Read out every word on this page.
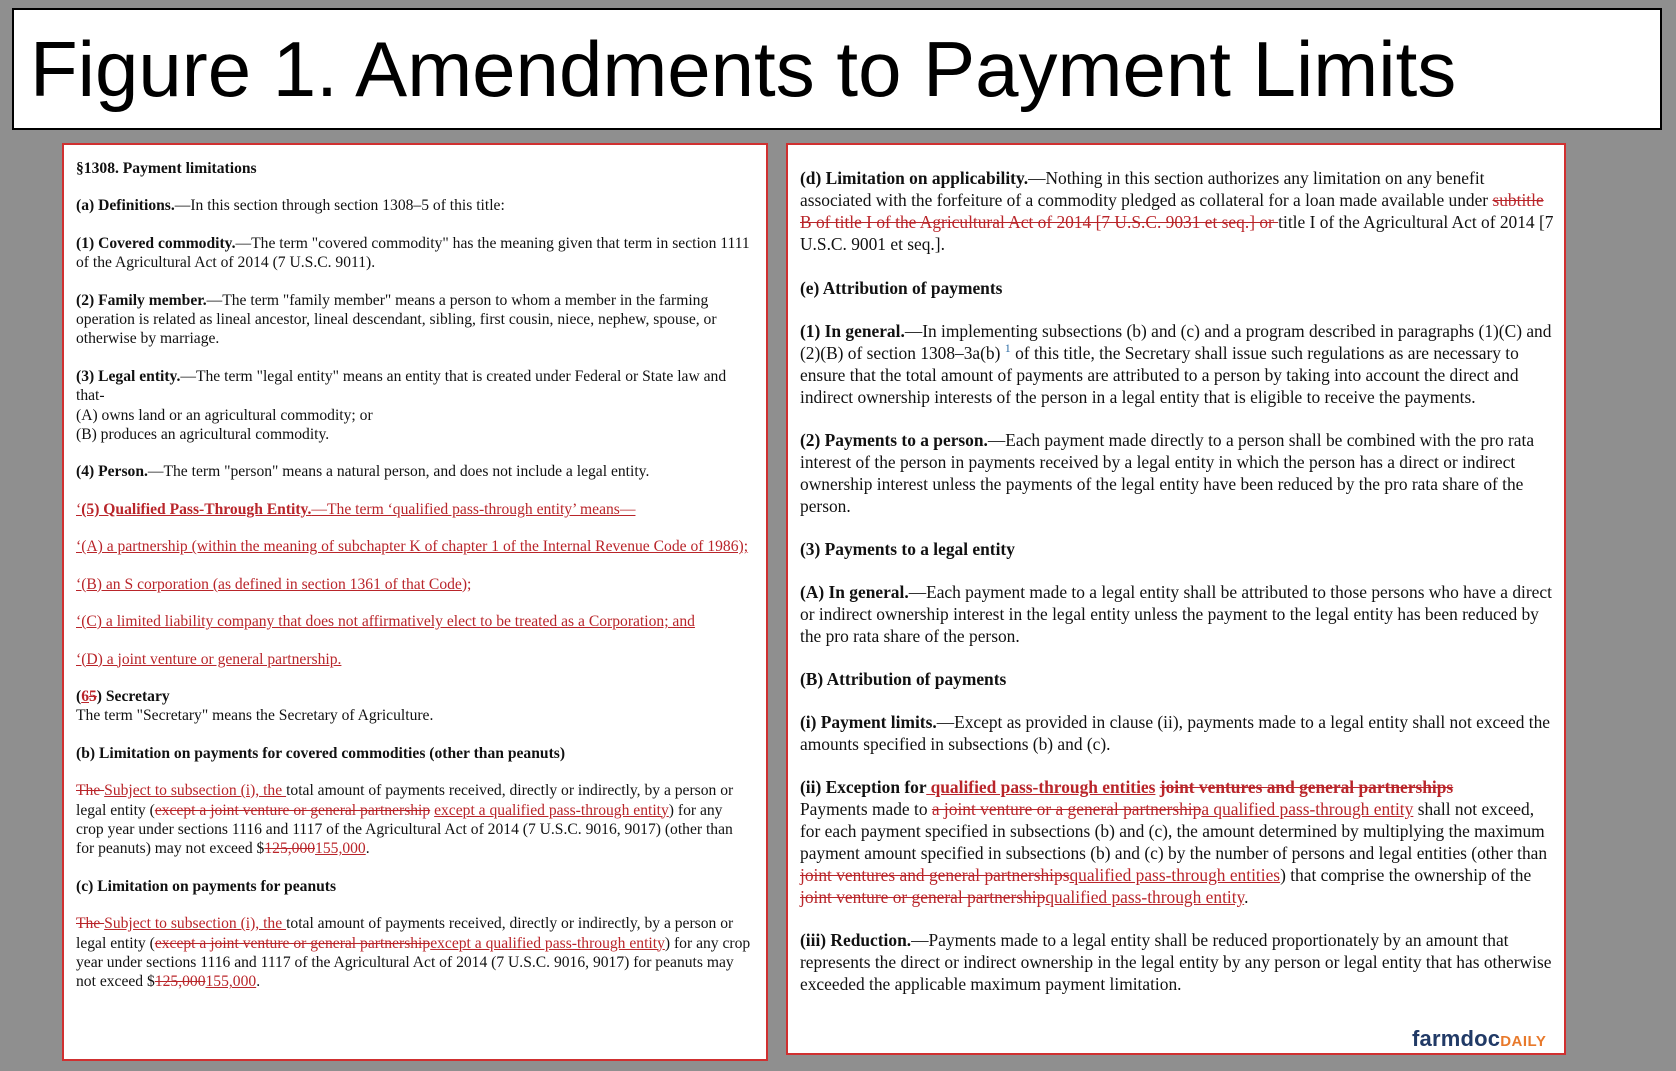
Figure 1. Amendments to Payment Limits

§1308. Payment limitations

(a) Definitions.—In this section through section 1308–5 of this title:

(1) Covered commodity.—The term "covered commodity" has the meaning given that term in section 1111 of the Agricultural Act of 2014 (7 U.S.C. 9011).

(2) Family member.—The term "family member" means a person to whom a member in the farming operation is related as lineal ancestor, lineal descendant, sibling, first cousin, niece, nephew, spouse, or otherwise by marriage.

(3) Legal entity.—The term "legal entity" means an entity that is created under Federal or State law and that-
(A) owns land or an agricultural commodity; or
(B) produces an agricultural commodity.

(4) Person.—The term "person" means a natural person, and does not include a legal entity.

‘(5) Qualified Pass-Through Entity.—The term ‘qualified pass-through entity’ means—

‘(A) a partnership (within the meaning of subchapter K of chapter 1 of the Internal Revenue Code of 1986);

‘(B) an S corporation (as defined in section 1361 of that Code);

‘(C) a limited liability company that does not affirmatively elect to be treated as a Corporation; and

‘(D) a joint venture or general partnership.

(65) Secretary
The term "Secretary" means the Secretary of Agriculture.

(b) Limitation on payments for covered commodities (other than peanuts)

The Subject to subsection (i), the total amount of payments received, directly or indirectly, by a person or legal entity (except a joint venture or general partnership except a qualified pass-through entity) for any crop year under sections 1116 and 1117 of the Agricultural Act of 2014 (7 U.S.C. 9016, 9017) (other than for peanuts) may not exceed $125,000155,000.

(c) Limitation on payments for peanuts

The Subject to subsection (i), the total amount of payments received, directly or indirectly, by a person or legal entity (except a joint venture or general partnershipexcept a qualified pass-through entity) for any crop year under sections 1116 and 1117 of the Agricultural Act of 2014 (7 U.S.C. 9016, 9017) for peanuts may not exceed $125,000155,000.

(d) Limitation on applicability.—Nothing in this section authorizes any limitation on any benefit associated with the forfeiture of a commodity pledged as collateral for a loan made available under subtitle B of title I of the Agricultural Act of 2014 [7 U.S.C. 9031 et seq.] or title I of the Agricultural Act of 2014 [7 U.S.C. 9001 et seq.].

(e) Attribution of payments

(1) In general.—In implementing subsections (b) and (c) and a program described in paragraphs (1)(C) and (2)(B) of section 1308–3a(b) $^1$ of this title, the Secretary shall issue such regulations as are necessary to ensure that the total amount of payments are attributed to a person by taking into account the direct and indirect ownership interests of the person in a legal entity that is eligible to receive the payments.

(2) Payments to a person.—Each payment made directly to a person shall be combined with the pro rata interest of the person in payments received by a legal entity in which the person has a direct or indirect ownership interest unless the payments of the legal entity have been reduced by the pro rata share of the person.

(3) Payments to a legal entity

(A) In general.—Each payment made to a legal entity shall be attributed to those persons who have a direct or indirect ownership interest in the legal entity unless the payment to the legal entity has been reduced by the pro rata share of the person.

(B) Attribution of payments

(i) Payment limits.—Except as provided in clause (ii), payments made to a legal entity shall not exceed the amounts specified in subsections (b) and (c).

(ii) Exception for qualified pass-through entities joint ventures and general partnerships
Payments made to a joint venture or a general partnershipa qualified pass-through entity shall not exceed, for each payment specified in subsections (b) and (c), the amount determined by multiplying the maximum payment amount specified in subsections (b) and (c) by the number of persons and legal entities (other than joint ventures and general partnershipsqualified pass-through entities) that comprise the ownership of the joint venture or general partnershipqualified pass-through entity.

(iii) Reduction.—Payments made to a legal entity shall be reduced proportionately by an amount that represents the direct or indirect ownership in the legal entity by any person or legal entity that has otherwise exceeded the applicable maximum payment limitation.

farmdocDAILY
